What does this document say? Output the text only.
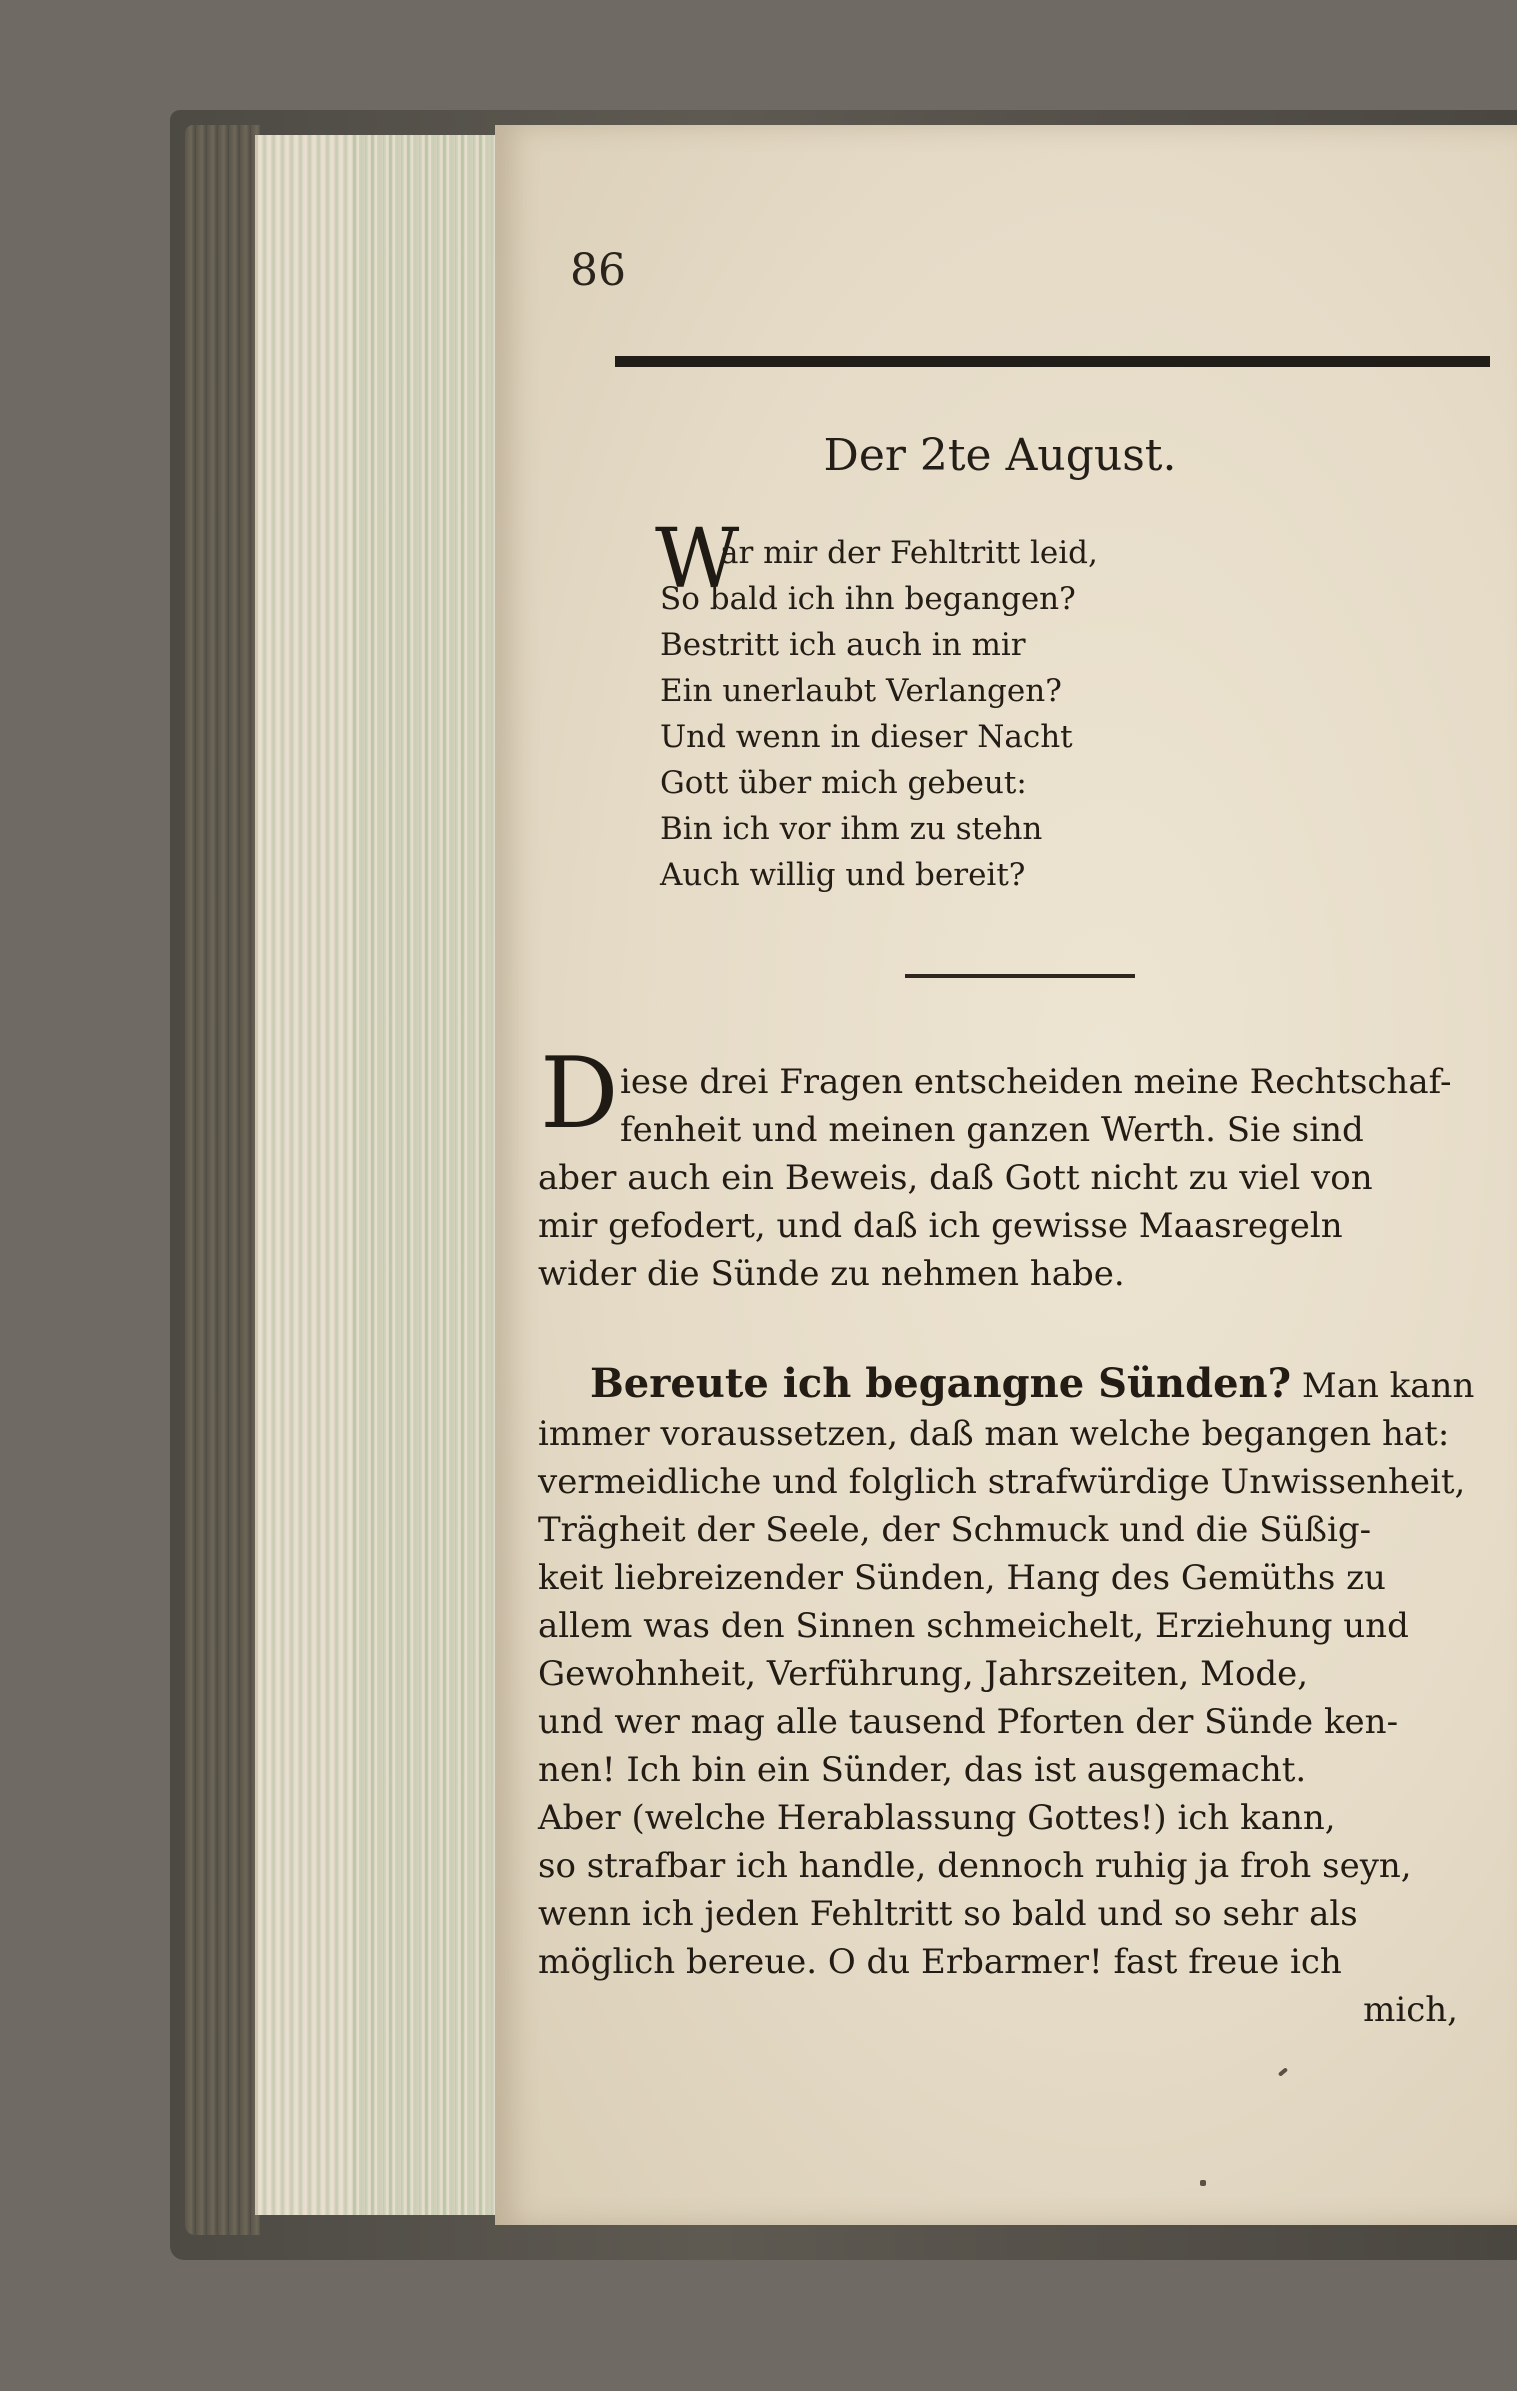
86
Der 2te August.
W
ar mir der Fehltritt leid,
So bald ich ihn begangen?
Bestritt ich auch in mir
Ein unerlaubt Verlangen?
Und wenn in dieser Nacht
Gott über mich gebeut:
Bin ich vor ihm zu stehn
Auch willig und bereit?
D iese drei Fragen entscheiden meine Rechtschaf-
fenheit und meinen ganzen Werth. Sie sind
aber auch ein Beweis, daß Gott nicht zu viel von
mir gefodert, und daß ich gewisse Maasregeln
wider die Sünde zu nehmen habe.
Bereute ich begangne Sünden? Man kann
immer voraussetzen, daß man welche begangen hat:
vermeidliche und folglich strafwürdige Unwissenheit,
Trägheit der Seele, der Schmuck und die Süßig-
keit liebreizender Sünden, Hang des Gemüths zu
allem was den Sinnen schmeichelt, Erziehung und
Gewohnheit, Verführung, Jahrszeiten, Mode,
und wer mag alle tausend Pforten der Sünde ken-
nen! Ich bin ein Sünder, das ist ausgemacht.
Aber (welche Herablassung Gottes!) ich kann,
so strafbar ich handle, dennoch ruhig ja froh seyn,
wenn ich jeden Fehltritt so bald und so sehr als
möglich bereue. O du Erbarmer! fast freue ich
mich,
